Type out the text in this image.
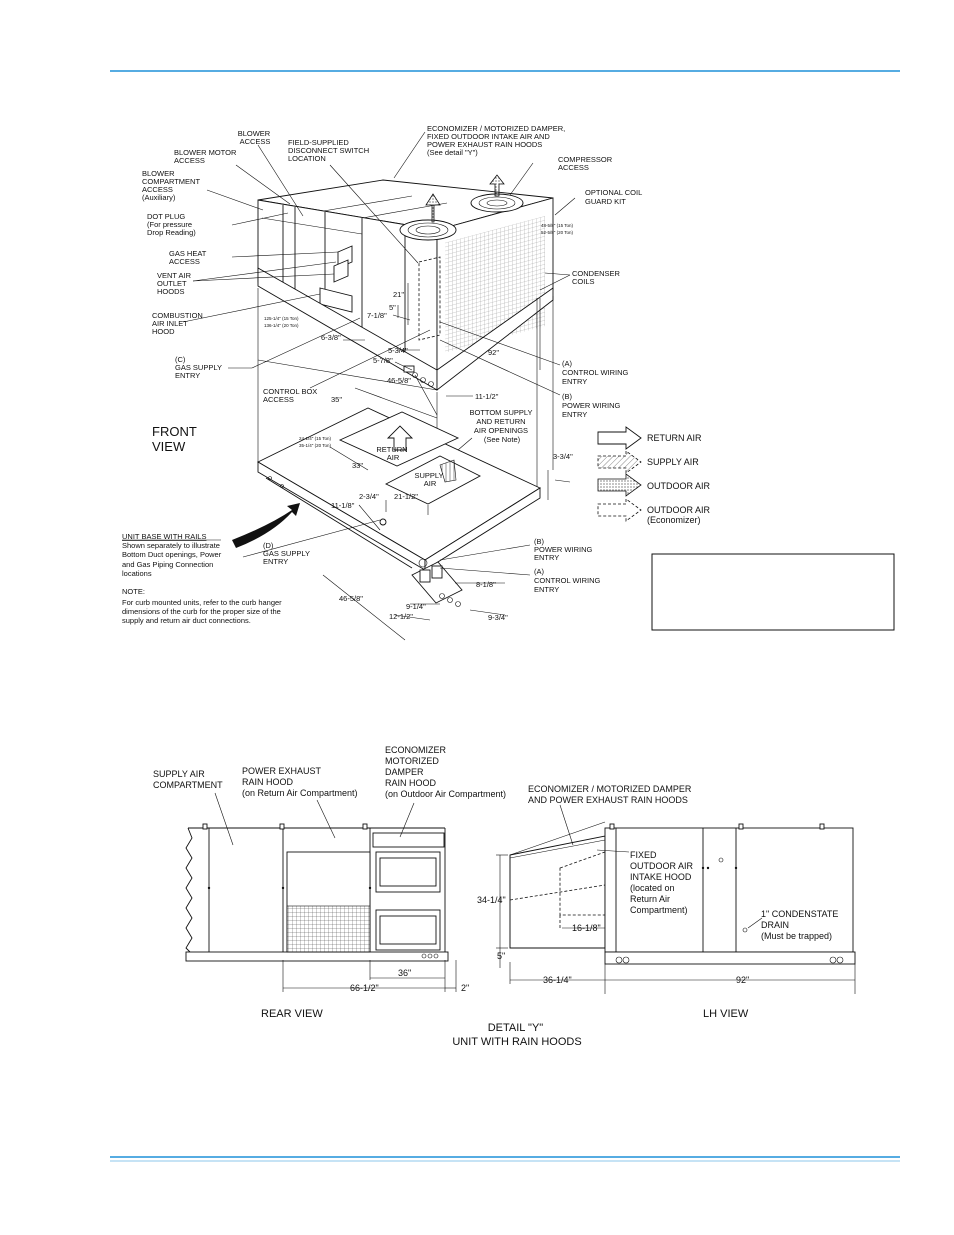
BLOWER ACCESS
BLOWER MOTOR ACCESS
BLOWER COMPARTMENT ACCESS (Auxiliary)
DOT PLUG (For pressure Drop Reading)
GAS HEAT ACCESS
VENT AIR OUTLET HOODS
COMBUSTION AIR INLET HOOD
(C) GAS SUPPLY ENTRY
CONTROL BOX ACCESS
FIELD-SUPPLIED DISCONNECT SWITCH LOCATION
ECONOMIZER / MOTORIZED DAMPER, FIXED OUTDOOR INTAKE AIR AND POWER EXHAUST RAIN HOODS (See detail "Y")
COMPRESSOR ACCESS
OPTIONAL COIL GUARD KIT
48-5/8" (15 Ton)
52-5/8" (20 Ton)
CONDENSER COILS
(A) CONTROL WIRING ENTRY
(B) POWER WIRING ENTRY
BOTTOM SUPPLY AND RETURN AIR OPENINGS (See Note)
FRONT VIEW	RETURN AIR
SUPPLY AIR
125-1/4" (15 Ton)
136-1/4" (20 Ton)
24-1/4" (15 Ton)
35-1/4" (20 Ton)
21"
5"
7-1/8"
6-3/8"
5-3/4"
5-7/8"
46-5/8"
92"
35"	11-1/2"
33"
2-3/4" 21-1/2"
11-1/8"
3-3/4"
8-1/8"
9-1/4"
12-1/2"	9-3/4"
46-5/8"
UNIT BASE WITH RAILS
Shown separately to illustrate Bottom Duct openings, Power and Gas Piping Connection locations
(D) GAS SUPPLY ENTRY
(B) POWER WIRING ENTRY
(A) CONTROL WIRING ENTRY
NOTE:
For curb mounted units, refer to the curb hanger dimensions of the curb for the proper size of the supply and return air duct connections.
RETURN AIR
SUPPLY AIR
OUTDOOR AIR
OUTDOOR AIR (Economizer)
SUPPLY AIR COMPARTMENT
POWER EXHAUST RAIN HOOD (on Return Air Compartment)
ECONOMIZER MOTORIZED DAMPER RAIN HOOD (on Outdoor Air Compartment)
36"
66-1/2"	2"
REAR VIEW
ECONOMIZER / MOTORIZED DAMPER AND POWER EXHAUST RAIN HOODS
FIXED OUTDOOR AIR INTAKE HOOD (located on Return Air Compartment)	1" CONDENSTATE DRAIN (Must be trapped)
34-1/4"
5"
16-1/8"
36-1/4"	92"
LH VIEW
DETAIL "Y" UNIT WITH RAIN HOODS
